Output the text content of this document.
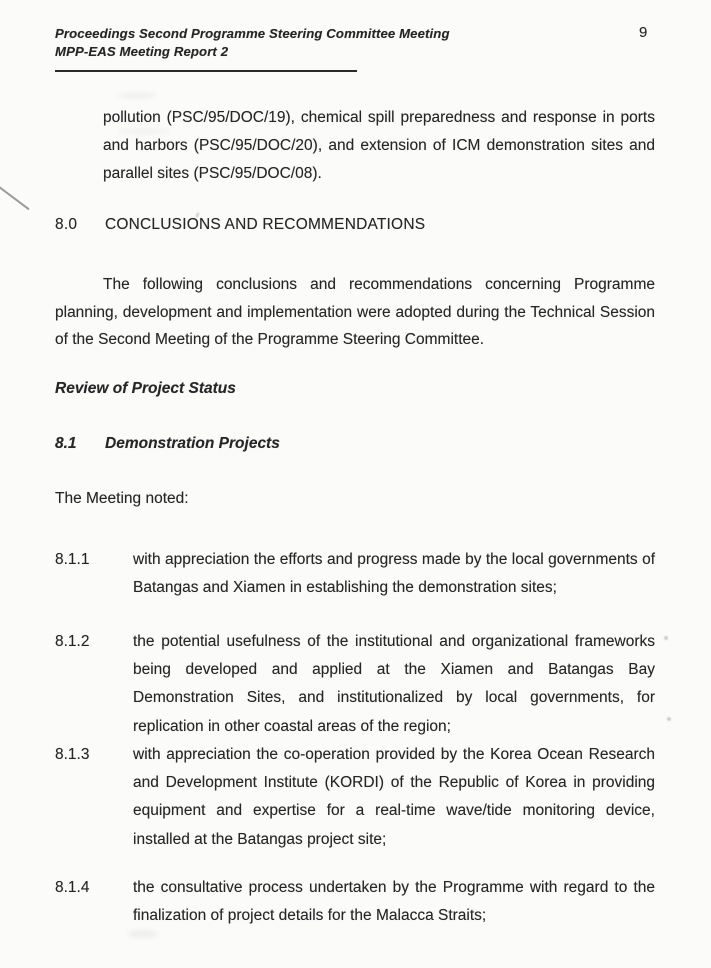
Proceedings Second Programme Steering Committee Meeting
MPP-EAS Meeting Report 2
9
pollution (PSC/95/DOC/19), chemical spill preparedness and response in ports and harbors (PSC/95/DOC/20), and extension of ICM demonstration sites and parallel sites (PSC/95/DOC/08).
8.0	CONCLUSIONS AND RECOMMENDATIONS
The following conclusions and recommendations concerning Programme planning, development and implementation were adopted during the Technical Session of the Second Meeting of the Programme Steering Committee.
Review of Project Status
8.1	Demonstration Projects
The Meeting noted:
8.1.1	with appreciation the efforts and progress made by the local governments of Batangas and Xiamen in establishing the demonstration sites;
8.1.2	the potential usefulness of the institutional and organizational frameworks being developed and applied at the Xiamen and Batangas Bay Demonstration Sites, and institutionalized by local governments, for replication in other coastal areas of the region;
8.1.3	with appreciation the co-operation provided by the Korea Ocean Research and Development Institute (KORDI) of the Republic of Korea in providing equipment and expertise for a real-time wave/tide monitoring device, installed at the Batangas project site;
8.1.4	the consultative process undertaken by the Programme with regard to the finalization of project details for the Malacca Straits;
